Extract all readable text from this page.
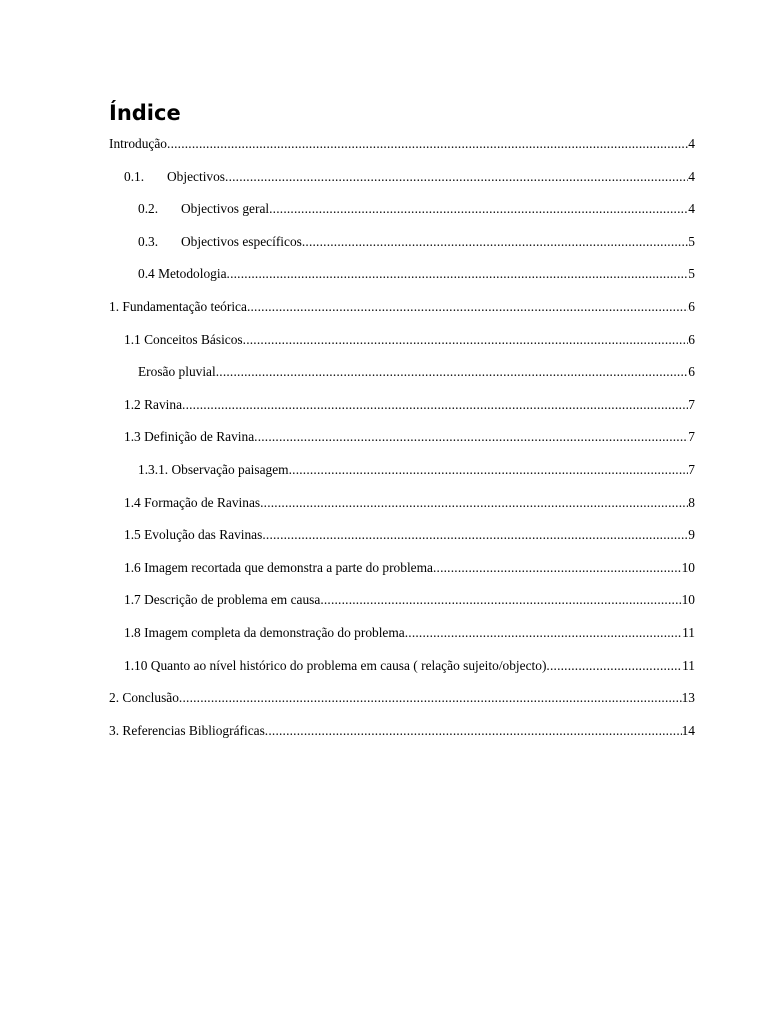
Índice
Introdução .....	4
0.1.	Objectivos .....	4
0.2.	Objectivos geral .....	4
0.3.	Objectivos específicos .....	5
0.4 Metodologia .....	5
1. Fundamentação teórica .....	6
1.1 Conceitos Básicos .....	6
Erosão pluvial .....	6
1.2 Ravina .....	7
1.3 Definição de Ravina .....	7
1.3.1. Observação paisagem .....	7
1.4 Formação de Ravinas .....	8
1.5 Evolução das Ravinas .....	9
1.6 Imagem recortada que demonstra a parte do problema .....	10
1.7 Descrição de problema em causa .....	10
1.8 Imagem completa da demonstração do problema .....	11
1.10 Quanto ao nível histórico do problema em causa ( relação sujeito/objecto) .....	11
2. Conclusão .....	13
3. Referencias Bibliográficas .....	14
